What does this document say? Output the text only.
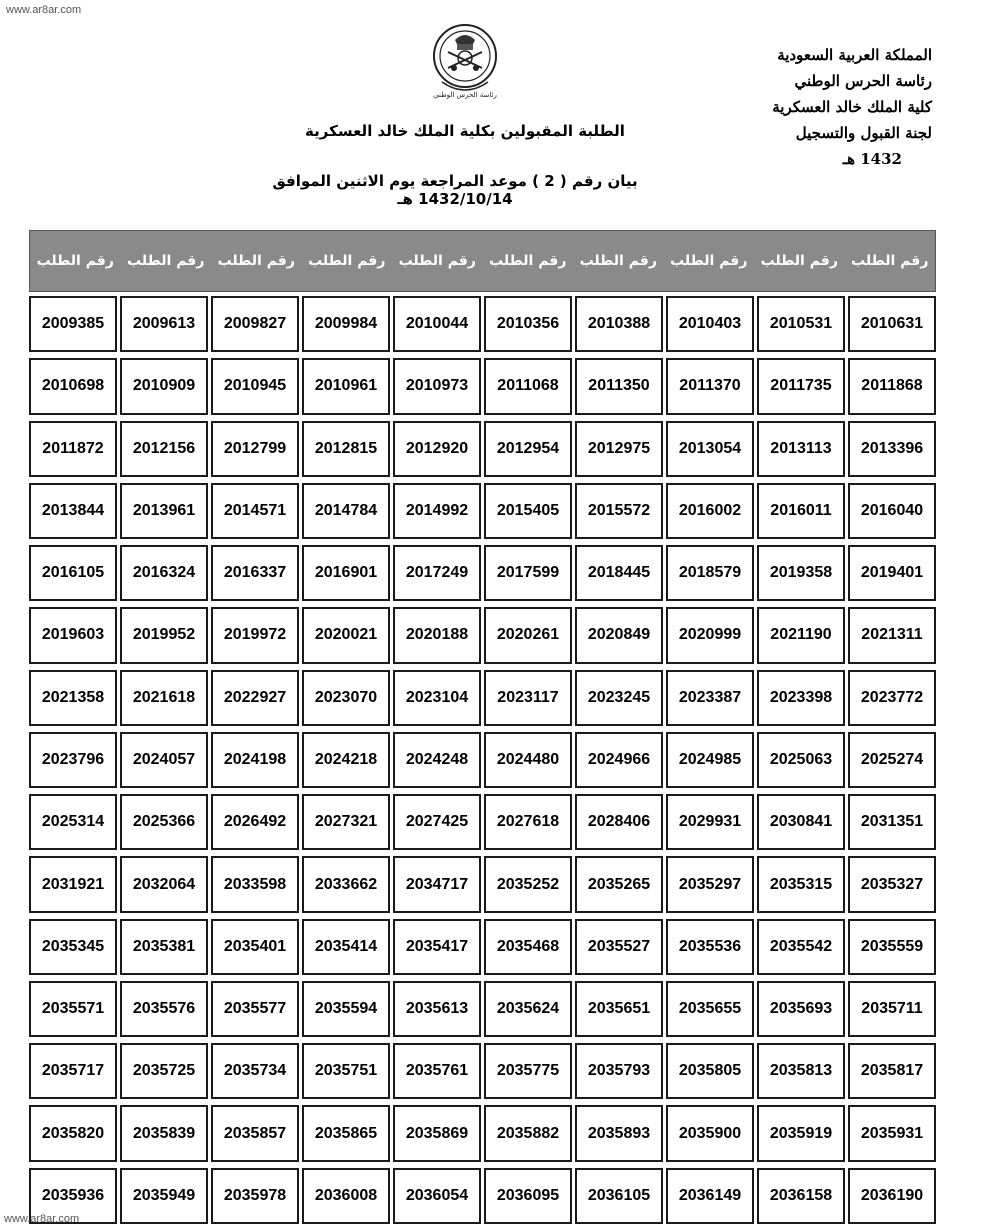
www.ar8ar.com
المملكة العربية السعودية
رئاسة الحرس الوطني
كلية الملك خالد العسكرية
لجنة القبول والتسجيل
1432 هـ
رئاسة الحرس الوطني
الطلبة المقبولين بكلية الملك خالد العسكرية
بيان رقم ( 2 ) موعد المراجعة يوم الاثنين الموافق 1432/10/14 هـ
رقم الطلب
رقم الطلب
رقم الطلب
رقم الطلب
رقم الطلب
رقم الطلب
رقم الطلب
رقم الطلب
رقم الطلب
رقم الطلب
2010631
2010531
2010403
2010388
2010356
2010044
2009984
2009827
2009613
2009385
2011868
2011735
2011370
2011350
2011068
2010973
2010961
2010945
2010909
2010698
2013396
2013113
2013054
2012975
2012954
2012920
2012815
2012799
2012156
2011872
2016040
2016011
2016002
2015572
2015405
2014992
2014784
2014571
2013961
2013844
2019401
2019358
2018579
2018445
2017599
2017249
2016901
2016337
2016324
2016105
2021311
2021190
2020999
2020849
2020261
2020188
2020021
2019972
2019952
2019603
2023772
2023398
2023387
2023245
2023117
2023104
2023070
2022927
2021618
2021358
2025274
2025063
2024985
2024966
2024480
2024248
2024218
2024198
2024057
2023796
2031351
2030841
2029931
2028406
2027618
2027425
2027321
2026492
2025366
2025314
2035327
2035315
2035297
2035265
2035252
2034717
2033662
2033598
2032064
2031921
2035559
2035542
2035536
2035527
2035468
2035417
2035414
2035401
2035381
2035345
2035711
2035693
2035655
2035651
2035624
2035613
2035594
2035577
2035576
2035571
2035817
2035813
2035805
2035793
2035775
2035761
2035751
2035734
2035725
2035717
2035931
2035919
2035900
2035893
2035882
2035869
2035865
2035857
2035839
2035820
2036190
2036158
2036149
2036105
2036095
2036054
2036008
2035978
2035949
2035936
www.ar8ar.com
